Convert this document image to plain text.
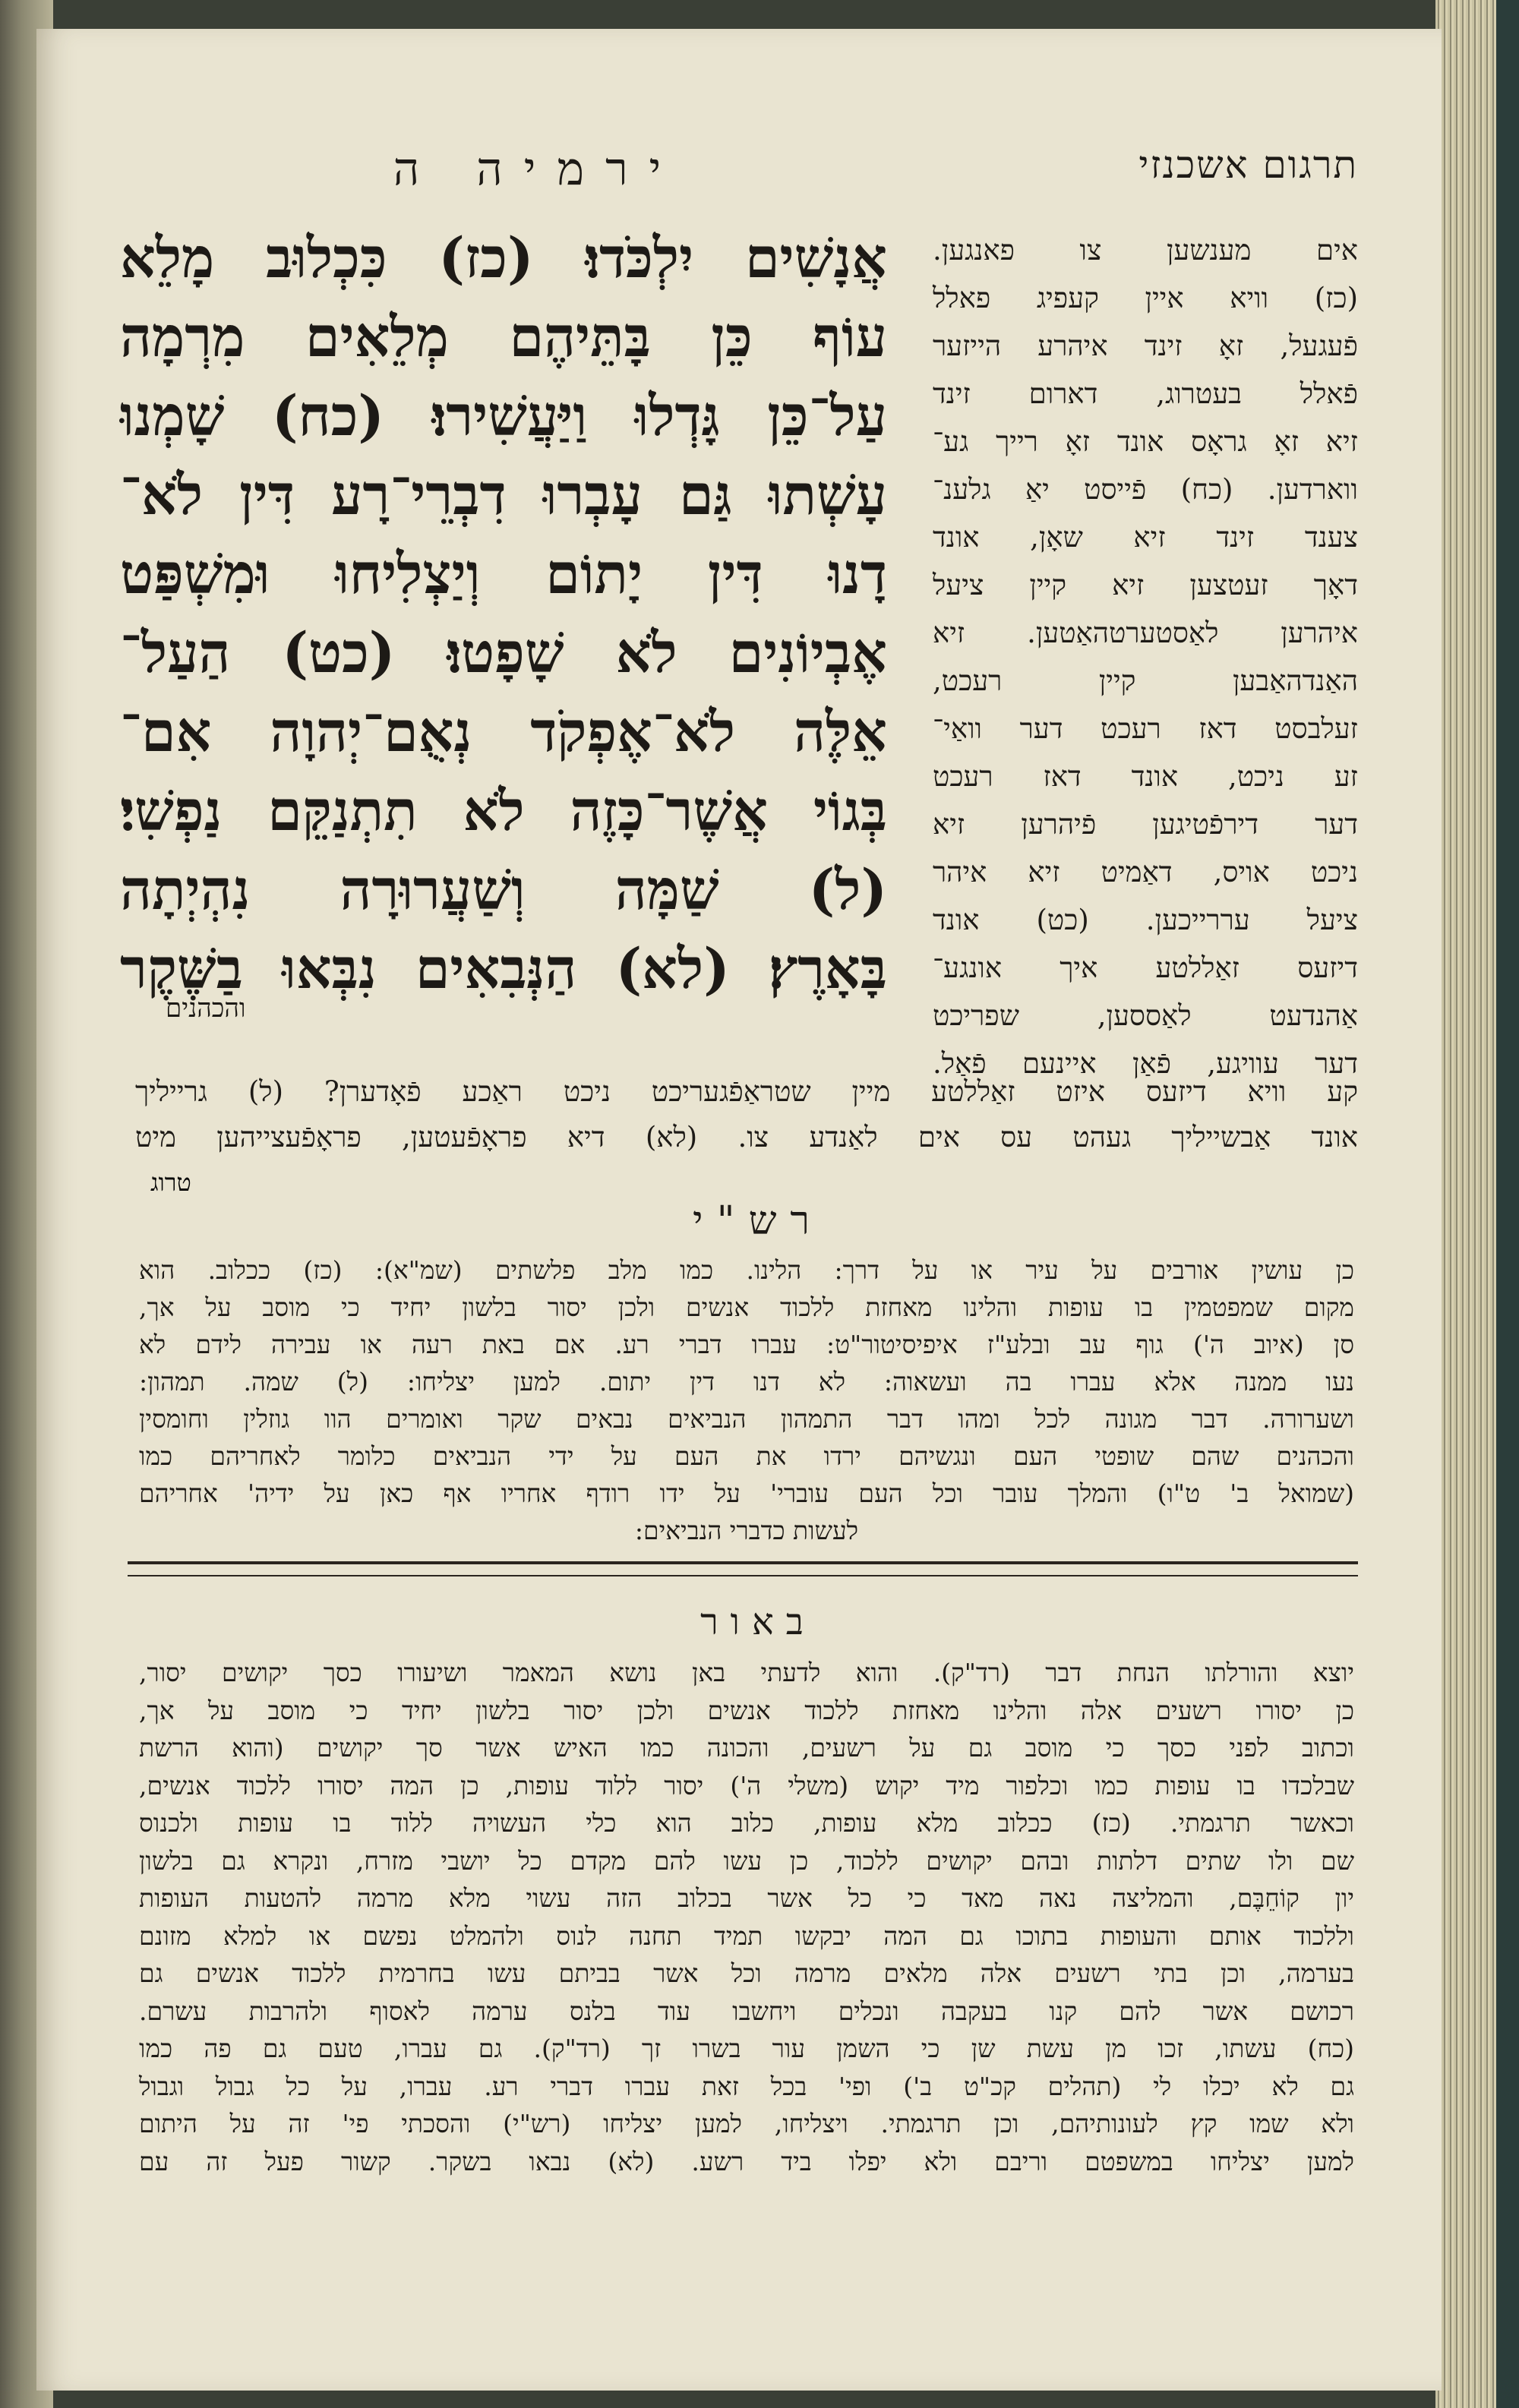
תרגום אשכנזי
ירמיה ה
אֲנָשִׁים יִלְכֹּדוּ׃ (כז) כִּכְלוּב מָלֵא
עוֹף כֵּן בָּתֵּיהֶם מְלֵאִים מִרְמָה
עַל־כֵּן גָּדְלוּ וַיַּעֲשִׁירוּ׃ (כח) שָׁמְנוּ
עָשְׁתוּ גַּם עָבְרוּ דִבְרֵי־רָע דִּין לֹא־
דָנוּ דִּין יָתוֹם וְיַצְלִיחוּ וּמִשְׁפַּט
אֶבְיוֹנִים לֹא שָׁפָטוּ׃ (כט) הַעַל־
אֵלֶּה לֹא־אֶפְקֹד נְאֻם־יְהוָה אִם־
בְּגוֹי אֲשֶׁר־כָּזֶה לֹא תִתְנַקֵּם נַפְשִׁי׃
(ל) שַׁמָּה וְשַׁעֲרוּרָה נִהְיְתָה
בָּאָרֶץ׃ (לא) הַנְּבִאִים נִבְּאוּ בַשֶּׁקֶר
והכהנים
אים מענשען צו פאנגען.
(כז) וויא איין קעפיג פאלל
פֿעגעל, זאָ זינד איהרע הייזער
פֿאלל בעטרוג, דארום זינד
זיא זאָ גראָס אונד זאָ רייך גע־
ווארדען. (כח) פֿייסט יאַ גלענ־
צענד זינד זיא שאָן, אונד
דאָך זעטצען זיא קיין ציעל
איהרען לאַסטערטהאַטען. זיא
האַנדהאַבען קיין רעכט,
זעלבסט דאז רעכט דער וואַי־
זע ניכט, אונד דאז רעכט
דער דירפֿטיגען פֿיהרען זיא
ניכט אויס, דאַמיט זיא איהר
ציעל עררייכען. (כט) אונד
דיזעס זאַללטע איך אונגע־
אַהנדעט לאַססען, שפריכט
דער עוויגע, פֿאַן איינעם פֿאַל.
קע וויא דיזעס איזט זאַללטע מיין שטראַפֿגעריכט ניכט ראַכע פֿאָדערן? (ל) גרייליך
אונד אַבשייליך געהט עס אים לאַנדע צו. (לא) דיא פראָפֿעטען, פראָפֿעצייהען מיט
טרוג
רש"י
כן עושין אורבים על עיר או על דרך: הלינו. כמו מלב פלשתים (שמ"א): (כז) ככלוב. הוא
מקום שמפטמין בו עופות והלינו מאחזת ללכוד אנשים ולכן יסור בלשון יחיד כי מוסב על אך,
סן (איוב ה') גוף עב ובלע"ז איפיסיטור"ט: עברו דברי רע. אם באת רעה או עבירה לידם לא
נעו ממנה אלא עברו בה ועשאוה: לא דנו דין יתום. למען יצליחו: (ל) שמה. תמהון:
ושערורה. דבר מגונה לכל ומהו דבר התמהון הנביאים נבאים שקר ואומרים הוו גוזלין וחומסין
והכהנים שהם שופטי העם ונגשיהם ירדו את העם על ידי הנביאים כלומר לאחריהם כמו
(שמואל ב' ט"ו) והמלך עובר וכל העם עוברי' על ידו רודף אחריו אף כאן על ידיה' אחריהם
לעשות כדברי הנביאים:
באור
יוצא והורלתו הנחת דבר (רד"ק). והוא לדעתי באן נושא המאמר ושיעורו כסך יקושים יסור,
כן יסורו רשעים אלה והלינו מאחזת ללכוד אנשים ולכן יסור בלשון יחיד כי מוסב על אך,
וכתוב לפני כסך כי מוסב גם על רשעים, והכונה כמו האיש אשר סך יקושים (והוא הרשת
שבלכדו בו עופות כמו וכלפור מיד יקוש (משלי ה') יסור ללוד עופות, כן המה יסורו ללכוד אנשים,
וכאשר תרגמתי. (כז) ככלוב מלא עופות, כלוב הוא כלי העשויה ללוד בו עופות ולכנוס
שם ולו שתים דלתות ובהם יקושים ללכוד, כן עשו להם מקדם כל יושבי מזרח, ונקרא גם בלשון
יון קוֹחֵבֶּם, והמליצה נאה מאד כי כל אשר בכלוב הזה עשוי מלא מרמה להטעות העופות
וללכוד אותם והעופות בתוכו גם המה יבקשו תמיד תחנה לנוס ולהמלט נפשם או למלא מזונם
בערמה, וכן בתי רשעים אלה מלאים מרמה וכל אשר בביתם עשו בחרמית ללכוד אנשים גם
רכושם אשר להם קנו בעקבה ונכלים ויחשבו עוד בלנס ערמה לאסוף ולהרבות עשרם.
(כח) עשתו, זכו מן עשת שן כי השמן עור בשרו זך (רד"ק). גם עברו, טעם גם פה כמו
גם לא יכלו לי (תהלים קכ"ט ב') ופי' בכל זאת עברו דברי רע. עברו, על כל גבול וגבול
ולא שמו קץ לעונותיהם, וכן תרגמתי. ויצליחו, למען יצליחו (רש"י) והסכתי פי' זה על היתום
למען יצליחו במשפטם וריבם ולא יפלו ביד רשע. (לא) נבאו בשקר. קשור פעל זה עם
